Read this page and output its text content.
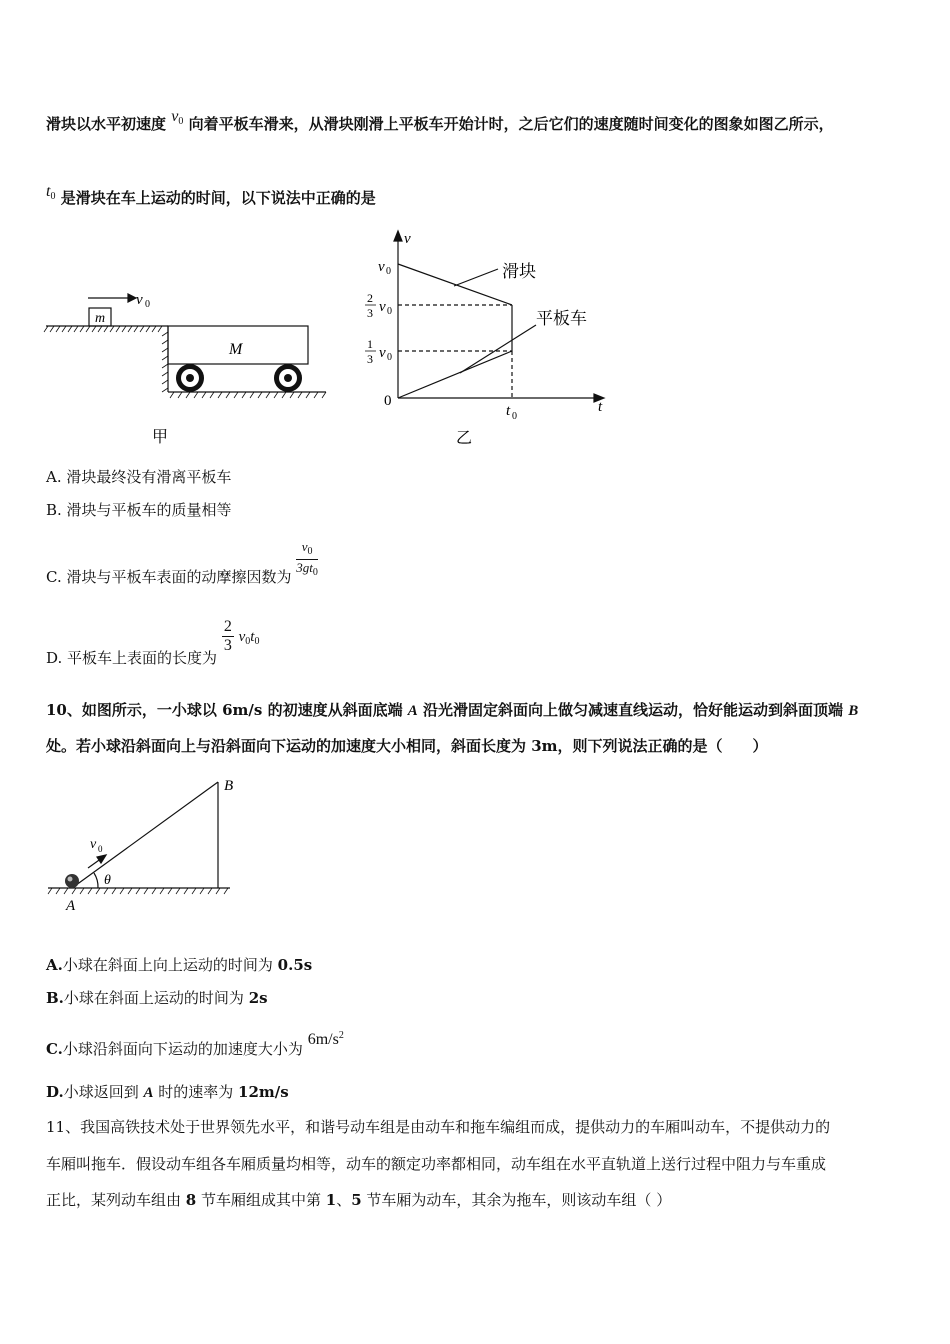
滑块以水平初速度 $v_0$ 向着平板车滑来，从滑块刚滑上平板车开始计时，之后它们的速度随时间变化的图象如图乙所示，
$t_0$ 是滑块在车上运动的时间，以下说法中正确的是
m
M
v 0
甲
v
t
0
v 0
2
3 v 0
1
3 v 0
t 0
滑块
平板车
乙
A. 滑块最终没有滑离平板车
B. 滑块与平板车的质量相等
C. 滑块与平板车表面的动摩擦因数为 $\frac{v_0}{3gt_0}$
D. 平板车上表面的长度为
$\frac{2}{3} v_0t_0$
10、如图所示，一小球以 6m/s 的初速度从斜面底端 A 沿光滑固定斜面向上做匀减速直线运动，恰好能运动到斜面顶端 B
处。若小球沿斜面向上与沿斜面向下运动的加速度大小相同，斜面长度为 3m，则下列说法正确的是（　　）
B
A
θ
v 0
A.小球在斜面上向上运动的时间为 0.5s
B.小球在斜面上运动的时间为 2s
C.小球沿斜面向下运动的加速度大小为 $6m/s^2$
D.小球返回到 A 时的速率为 12m/s
11、我国高铁技术处于世界领先水平，和谐号动车组是由动车和拖车编组而成，提供动力的车厢叫动车，不提供动力的
车厢叫拖车．假设动车组各车厢质量均相等，动车的额定功率都相同，动车组在水平直轨道上送行过程中阻力与车重成
正比，某列动车组由 8 节车厢组成其中第 1、5 节车厢为动车，其余为拖车，则该动车组（ ）
